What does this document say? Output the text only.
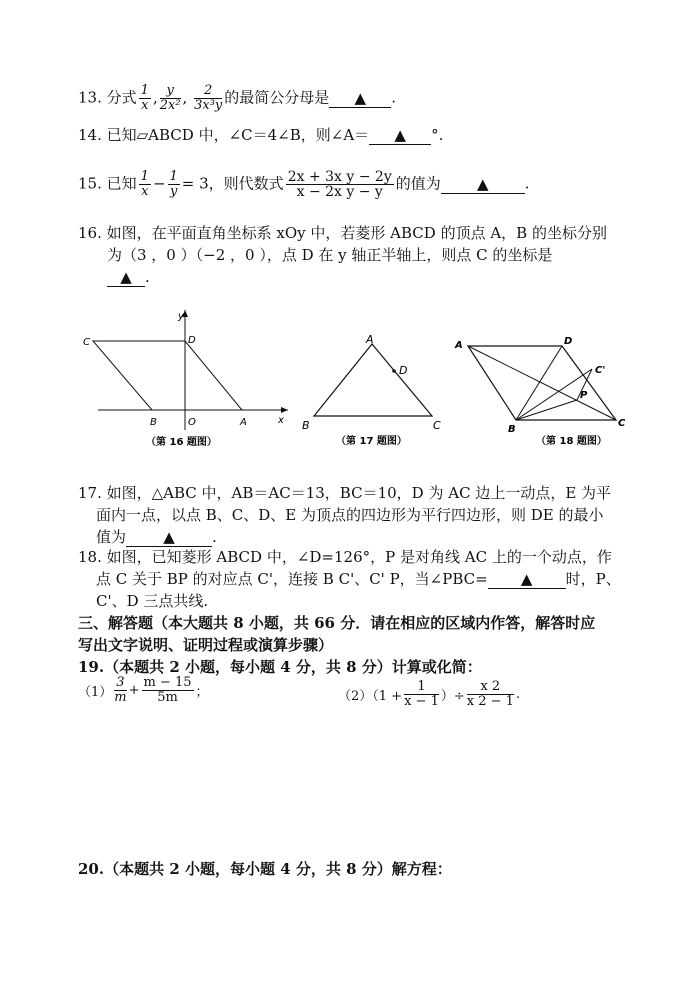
13. 分式 $\frac{1}{x}$ , $\frac{y}{\text{2x²}}$ , $\frac{2}{\text{3x³y}}$ 的最简公分母是 ▲ .
14. 已知▱ABCD 中，∠C＝4∠B，则∠A＝ ▲ °.
15. 已知 $\frac{1}{x} - \frac{1}{y} = 3$，则代数式 $\frac{\text{2x + 3x y − 2y}}{\text{x − 2x y − y}}$ 的值为 ▲ .
16. 如图，在平面直角坐标系 xOy 中，若菱形 ABCD 的顶点 A，B 的坐标分别
为（3 ，0 ）（−2 ，0 ），点 D 在 y 轴正半轴上，则点 C 的坐标是
▲ .
C	D
y
B	O	A	x
（第 16 题图）
A
D
B	C
（第 17 题图）
A	D
C'
P
B
C
（第 18 题图）
17. 如图，△ABC 中，AB＝AC＝13，BC＝10，D 为 AC 边上一动点，E 为平
面内一点，以点 B、C、D、E 为顶点的四边形为平行四边形，则 DE 的最小
值为 ▲ .
18. 如图，已知菱形 ABCD 中，∠D=126°，P 是对角线 AC 上的一个动点，作
点 C 关于 BP 的对应点 C'，连接 B C'、C' P，当∠PBC= ▲ 时，P、
C'、D 三点共线.
三、解答题（本大题共 8 小题，共 66 分．请在相应的区域内作答，解答时应
写出文字说明、证明过程或演算步骤）
19.（本题共 2 小题，每小题 4 分，共 8 分）计算或化简：
$(1) \frac{3}{m} + \frac{m - 15}{5m}$ ；	$(2)(1 + \frac{1}{x - 1}$ ）÷ $\frac{x 2}{x 2 - 1}$ .
20.（本题共 2 小题，每小题 4 分，共 8 分）解方程：
